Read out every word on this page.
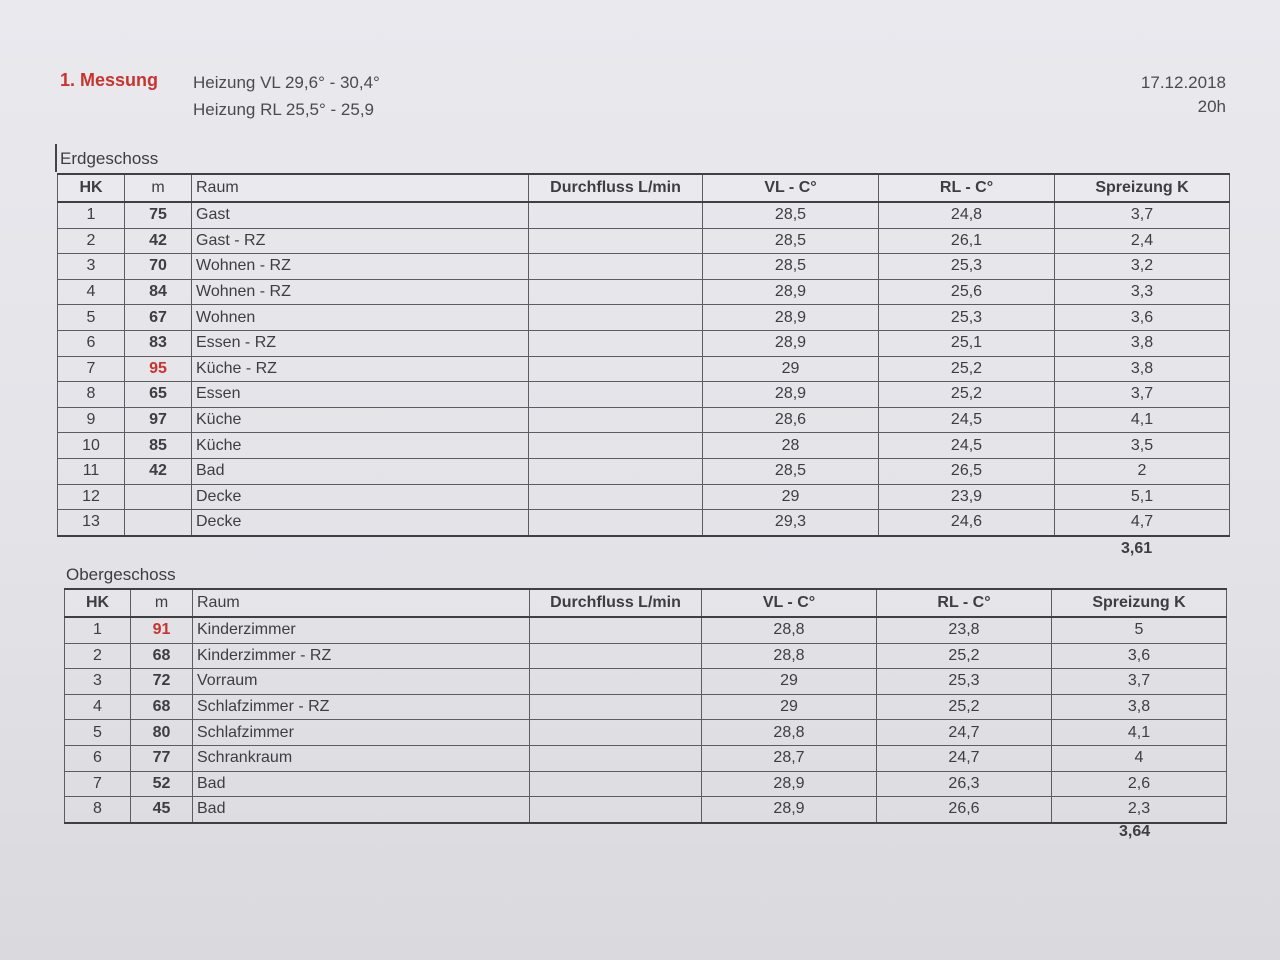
1. Messung Heizung VL 29,6° - 30,4°
Heizung RL 25,5° - 25,9
17.12.2018
20h
Erdgeschoss
HK	m	Raum	Durchfluss L/min	VL - C°	RL - C°	Spreizung K
1	75	Gast		28,5	24,8	3,7
2	42	Gast - RZ		28,5	26,1	2,4
3	70	Wohnen - RZ		28,5	25,3	3,2
4	84	Wohnen - RZ		28,9	25,6	3,3
5	67	Wohnen		28,9	25,3	3,6
6	83	Essen - RZ		28,9	25,1	3,8
7	95	Küche - RZ		29	25,2	3,8
8	65	Essen		28,9	25,2	3,7
9	97	Küche		28,6	24,5	4,1
10	85	Küche		28	24,5	3,5
11	42	Bad		28,5	26,5	2
12		Decke		29	23,9	5,1
13		Decke		29,3	24,6	4,7
3,61
Obergeschoss
HK	m	Raum	Durchfluss L/min	VL - C°	RL - C°	Spreizung K
1	91	Kinderzimmer		28,8	23,8	5
2	68	Kinderzimmer - RZ		28,8	25,2	3,6
3	72	Vorraum		29	25,3	3,7
4	68	Schlafzimmer - RZ		29	25,2	3,8
5	80	Schlafzimmer		28,8	24,7	4,1
6	77	Schrankraum		28,7	24,7	4
7	52	Bad		28,9	26,3	2,6
8	45	Bad		28,9	26,6	2,3
3,64
